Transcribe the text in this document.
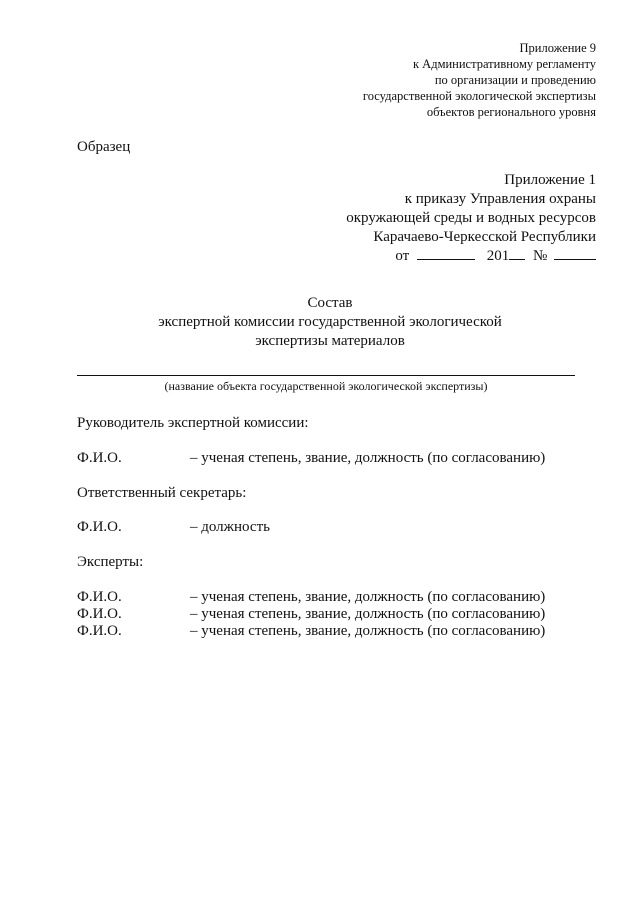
Приложение 9
к Административному регламенту
по организации и проведению
государственной экологической экспертизы
объектов регионального уровня
Образец
Приложение 1
к приказу Управления охраны
окружающей среды и водных ресурсов
Карачаево-Черкесской Республики
от	201 №
Состав
экспертной комиссии государственной экологической
экспертизы материалов
(название объекта государственной экологической экспертизы)
Руководитель экспертной комиссии:
Ф.И.О.	– ученая степень, звание, должность (по согласованию)
Ответственный секретарь:
Ф.И.О.	– должность
Эксперты:
Ф.И.О.	– ученая степень, звание, должность (по согласованию)
Ф.И.О.	– ученая степень, звание, должность (по согласованию)
Ф.И.О.	– ученая степень, звание, должность (по согласованию)
